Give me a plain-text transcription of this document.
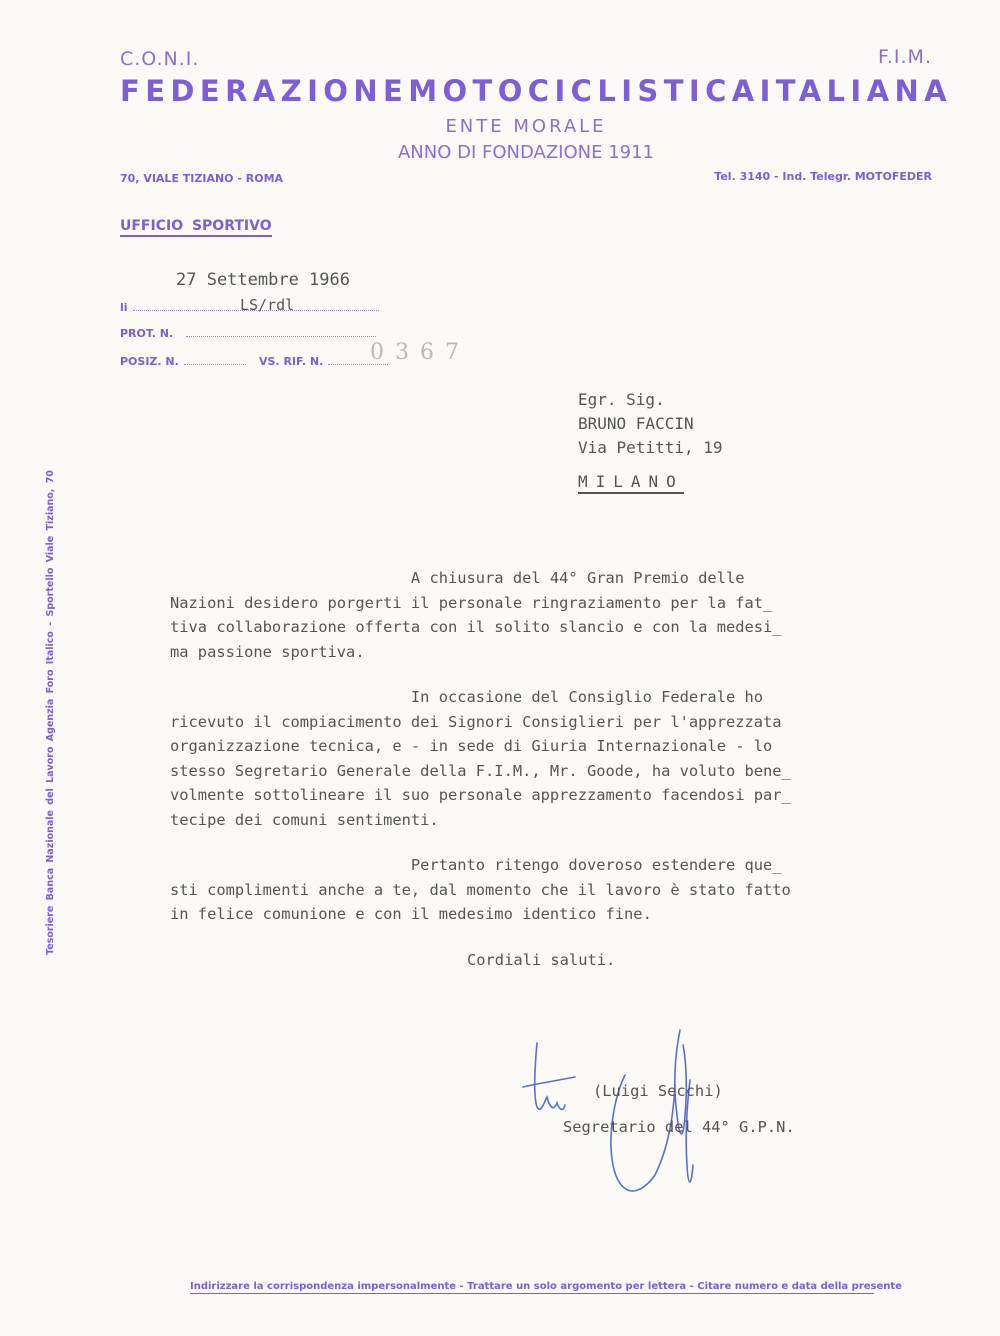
C.O.N.I.	F.I.M.
FEDERAZIONE MOTOCICLISTICA ITALIANA
ENTE MORALE
ANNO DI FONDAZIONE 1911
70, VIALE TIZIANO - ROMA	Tel. 3140 - Ind. Telegr. MOTOFEDER
UFFICIO SPORTIVO
27 Settembre 1966
li	LS/rdl
PROT. N.
POSIZ. N.	VS. RIF. N.	0 3 6 7
Egr. Sig.
BRUNO FACCIN
Via Petitti, 19
MILANO
A chiusura del 44° Gran Premio delle
Nazioni desidero porgerti il personale ringraziamento per la fat_
tiva collaborazione offerta con il solito slancio e con la medesi_
ma passione sportiva.
In occasione del Consiglio Federale ho
ricevuto il compiacimento dei Signori Consiglieri per l'apprezzata
organizzazione tecnica, e - in sede di Giuria Internazionale - lo
stesso Segretario Generale della F.I.M., Mr. Goode, ha voluto bene_
volmente sottolineare il suo personale apprezzamento facendosi par_
tecipe dei comuni sentimenti.
Pertanto ritengo doveroso estendere que_
sti complimenti anche a te, dal momento che il lavoro è stato fatto
in felice comunione e con il medesimo identico fine.
Cordiali saluti.
(Luigi Secchi)
Segretario del 44° G.P.N.
Tesoriere Banca Nazionale del Lavoro Agenzia Foro Italico - Sportello Viale Tiziano, 70
Indirizzare la corrispondenza impersonalmente - Trattare un solo argomento per lettera - Citare numero e data della presente
